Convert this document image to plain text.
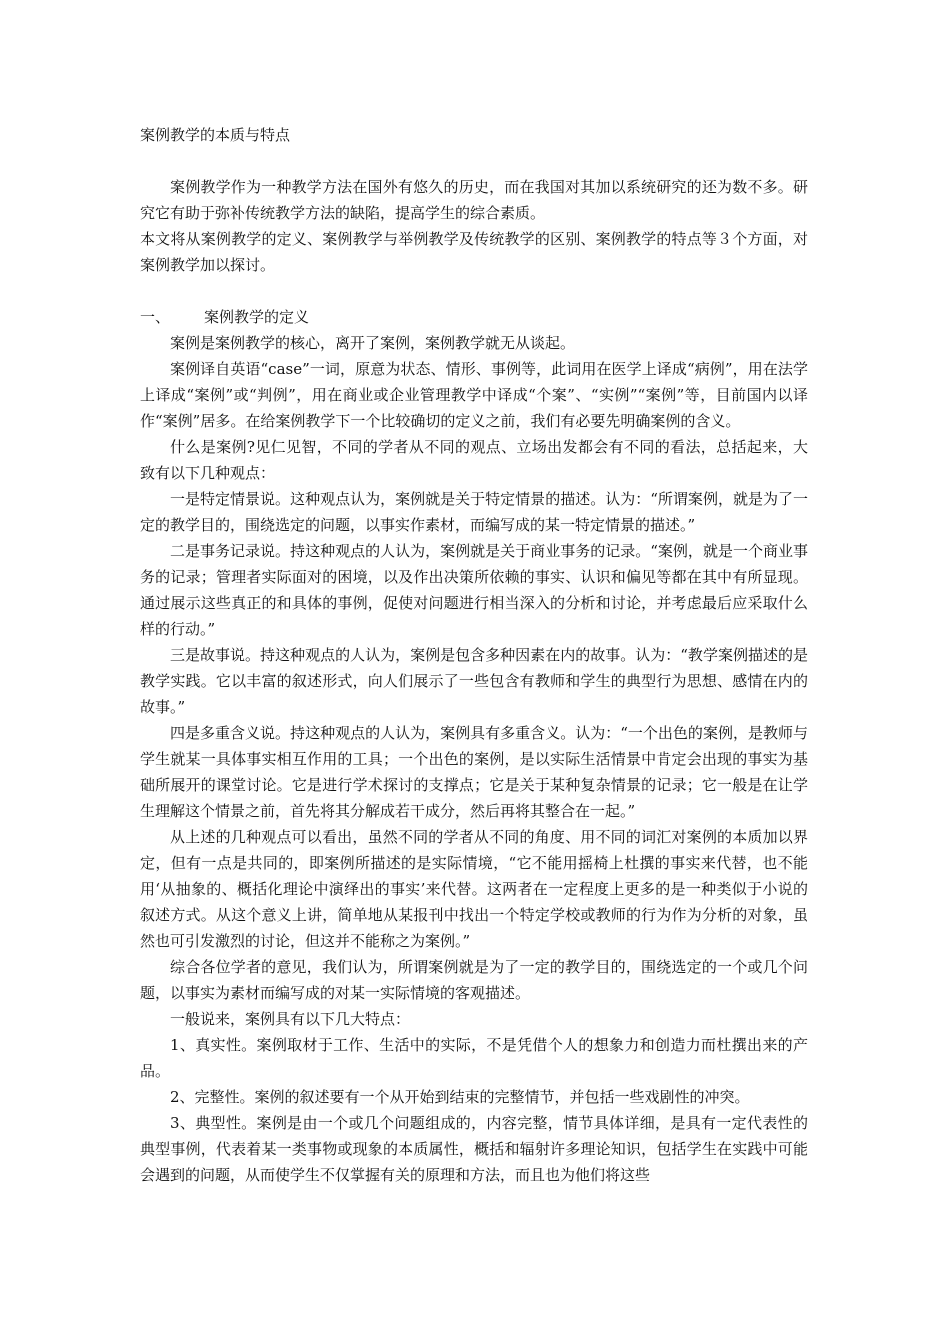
案例教学的本质与特点

案例教学作为一种教学方法在国外有悠久的历史，而在我国对其加以系统研究的还为数不多。研究它有助于弥补传统教学方法的缺陷，提高学生的综合素质。

本文将从案例教学的定义、案例教学与举例教学及传统教学的区别、案例教学的特点等３个方面，对案例教学加以探讨。

一、	案例教学的定义

案例是案例教学的核心，离开了案例，案例教学就无从谈起。

案例译自英语“case”一词，原意为状态、情形、事例等，此词用在医学上译成“病例”，用在法学上译成“案例”或“判例”，用在商业或企业管理教学中译成“个案”、“实例”“案例”等，目前国内以译作“案例”居多。在给案例教学下一个比较确切的定义之前，我们有必要先明确案例的含义。

什么是案例?见仁见智，不同的学者从不同的观点、立场出发都会有不同的看法，总括起来，大致有以下几种观点：

一是特定情景说。这种观点认为，案例就是关于特定情景的描述。认为：“所谓案例，就是为了一定的教学目的，围绕选定的问题，以事实作素材，而编写成的某一特定情景的描述。”

二是事务记录说。持这种观点的人认为，案例就是关于商业事务的记录。“案例，就是一个商业事务的记录；管理者实际面对的困境，以及作出决策所依赖的事实、认识和偏见等都在其中有所显现。通过展示这些真正的和具体的事例，促使对问题进行相当深入的分析和讨论，并考虑最后应采取什么样的行动。”

三是故事说。持这种观点的人认为，案例是包含多种因素在内的故事。认为：“教学案例描述的是教学实践。它以丰富的叙述形式，向人们展示了一些包含有教师和学生的典型行为思想、感情在内的故事。”

四是多重含义说。持这种观点的人认为，案例具有多重含义。认为：“一个出色的案例，是教师与学生就某一具体事实相互作用的工具；一个出色的案例，是以实际生活情景中肯定会出现的事实为基础所展开的课堂讨论。它是进行学术探讨的支撑点；它是关于某种复杂情景的记录；它一般是在让学生理解这个情景之前，首先将其分解成若干成分，然后再将其整合在一起。”

从上述的几种观点可以看出，虽然不同的学者从不同的角度、用不同的词汇对案例的本质加以界定，但有一点是共同的，即案例所描述的是实际情境，“它不能用摇椅上杜撰的事实来代替，也不能用‘从抽象的、概括化理论中演绎出的事实’来代替。这两者在一定程度上更多的是一种类似于小说的叙述方式。从这个意义上讲，简单地从某报刊中找出一个特定学校或教师的行为作为分析的对象，虽然也可引发激烈的讨论，但这并不能称之为案例。”

综合各位学者的意见，我们认为，所谓案例就是为了一定的教学目的，围绕选定的一个或几个问题，以事实为素材而编写成的对某一实际情境的客观描述。

一般说来，案例具有以下几大特点：

1、真实性。案例取材于工作、生活中的实际，不是凭借个人的想象力和创造力而杜撰出来的产品。

2、完整性。案例的叙述要有一个从开始到结束的完整情节，并包括一些戏剧性的冲突。

3、典型性。案例是由一个或几个问题组成的，内容完整，情节具体详细，是具有一定代表性的典型事例，代表着某一类事物或现象的本质属性，概括和辐射许多理论知识，包括学生在实践中可能会遇到的问题，从而使学生不仅掌握有关的原理和方法，而且也为他们将这些
